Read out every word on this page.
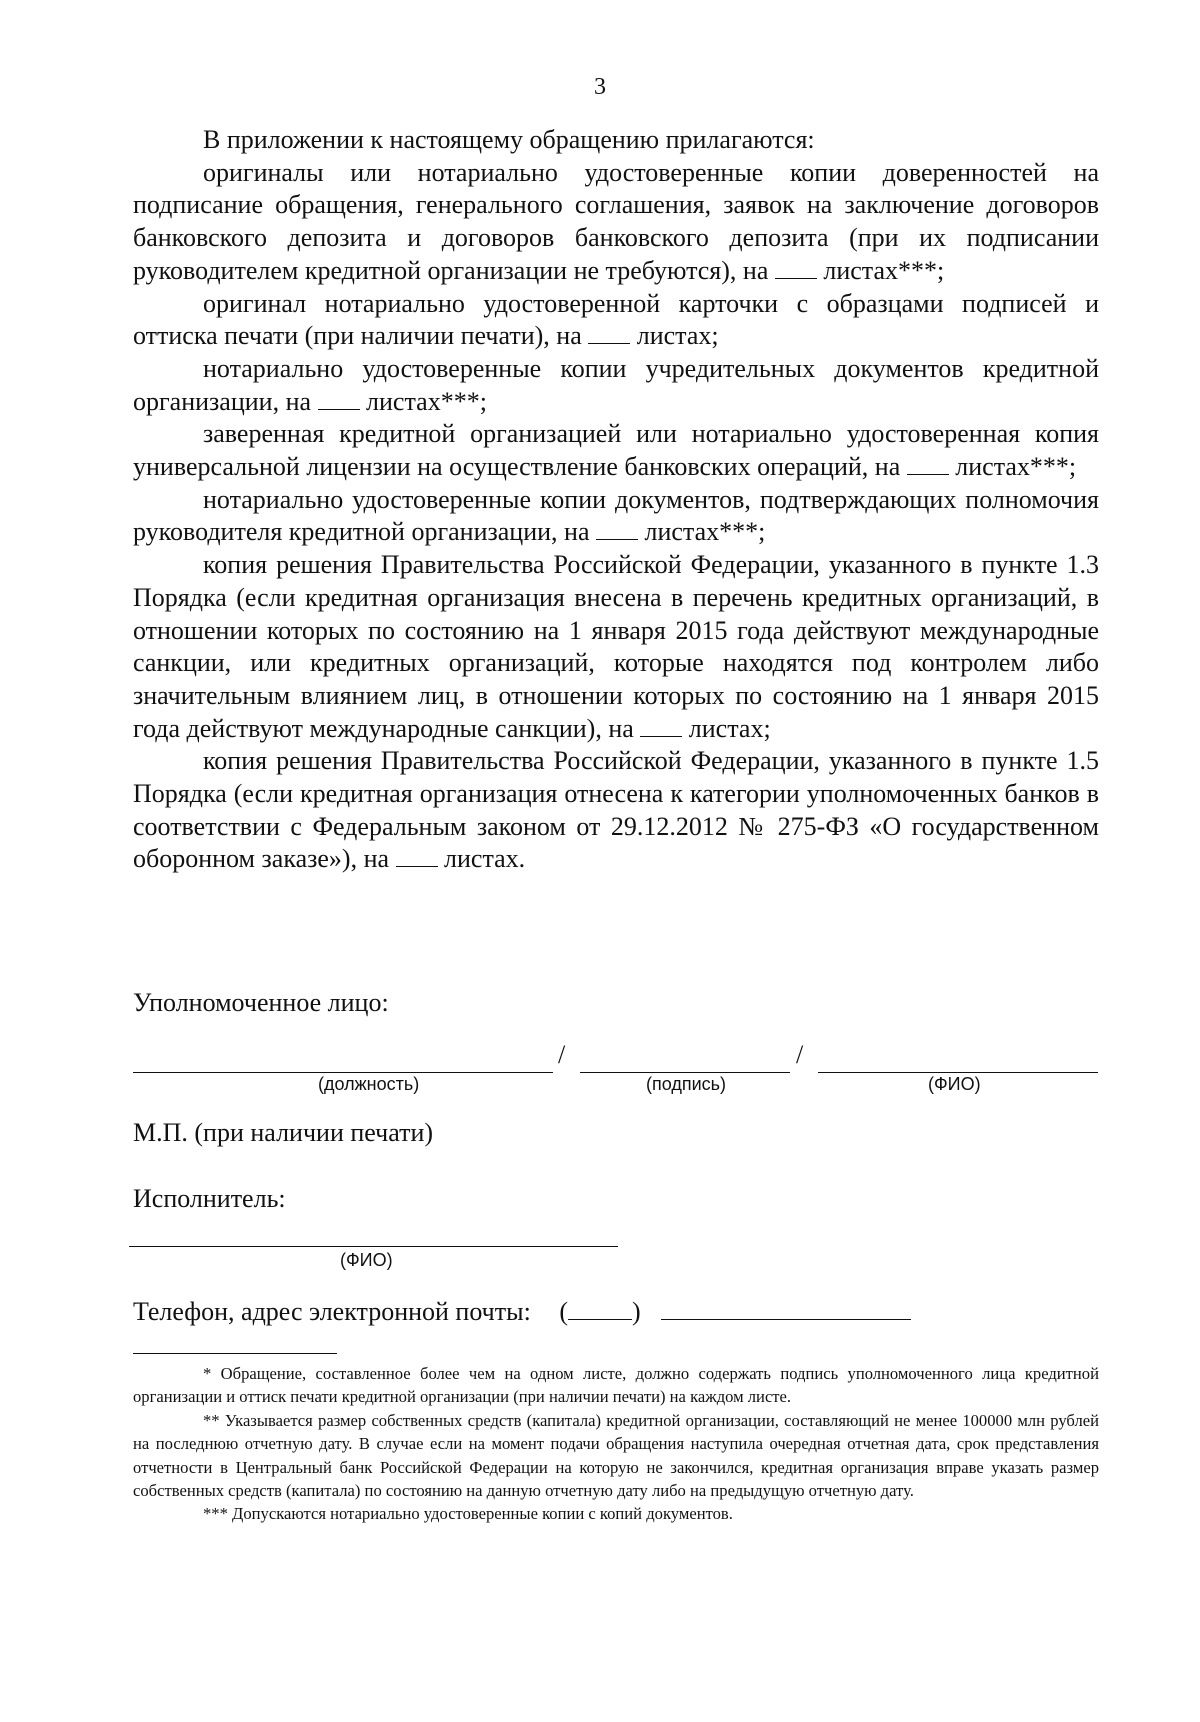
3

В приложении к настоящему обращению прилагаются:

оригиналы или нотариально удостоверенные копии доверенностей на подписание обращения, генерального соглашения, заявок на заключение договоров банковского депозита и договоров банковского депозита (при их подписании руководителем кредитной организации не требуются), на листах***;

оригинал нотариально удостоверенной карточки с образцами подписей и оттиска печати (при наличии печати), на листах;

нотариально удостоверенные копии учредительных документов кредитной организации, на листах***;

заверенная кредитной организацией или нотариально удостоверенная копия универсальной лицензии на осуществление банковских операций, на листах***;

нотариально удостоверенные копии документов, подтверждающих полномочия руководителя кредитной организации, на листах***;

копия решения Правительства Российской Федерации, указанного в пункте 1.3 Порядка (если кредитная организация внесена в перечень кредитных организаций, в отношении которых по состоянию на 1 января 2015 года действуют международные санкции, или кредитных организаций, которые находятся под контролем либо значительным влиянием лиц, в отношении которых по состоянию на 1 января 2015 года действуют международные санкции), на листах;

копия решения Правительства Российской Федерации, указанного в пункте 1.5 Порядка (если кредитная организация отнесена к категории уполномоченных банков в соответствии с Федеральным законом от 29.12.2012 № 275-ФЗ «О государственном оборонном заказе»), на листах.

Уполномоченное лицо:
/	/
(должность)	(подпись)	(ФИО)
М.П. (при наличии печати)
Исполнитель:
(ФИО)
Телефон, адрес электронной почты: ( )

* Обращение, составленное более чем на одном листе, должно содержать подпись уполномоченного лица кредитной организации и оттиск печати кредитной организации (при наличии печати) на каждом листе.

** Указывается размер собственных средств (капитала) кредитной организации, составляющий не менее 100000 млн рублей на последнюю отчетную дату. В случае если на момент подачи обращения наступила очередная отчетная дата, срок представления отчетности в Центральный банк Российской Федерации на которую не закончился, кредитная организация вправе указать размер собственных средств (капитала) по состоянию на данную отчетную дату либо на предыдущую отчетную дату.

*** Допускаются нотариально удостоверенные копии с копий документов.
